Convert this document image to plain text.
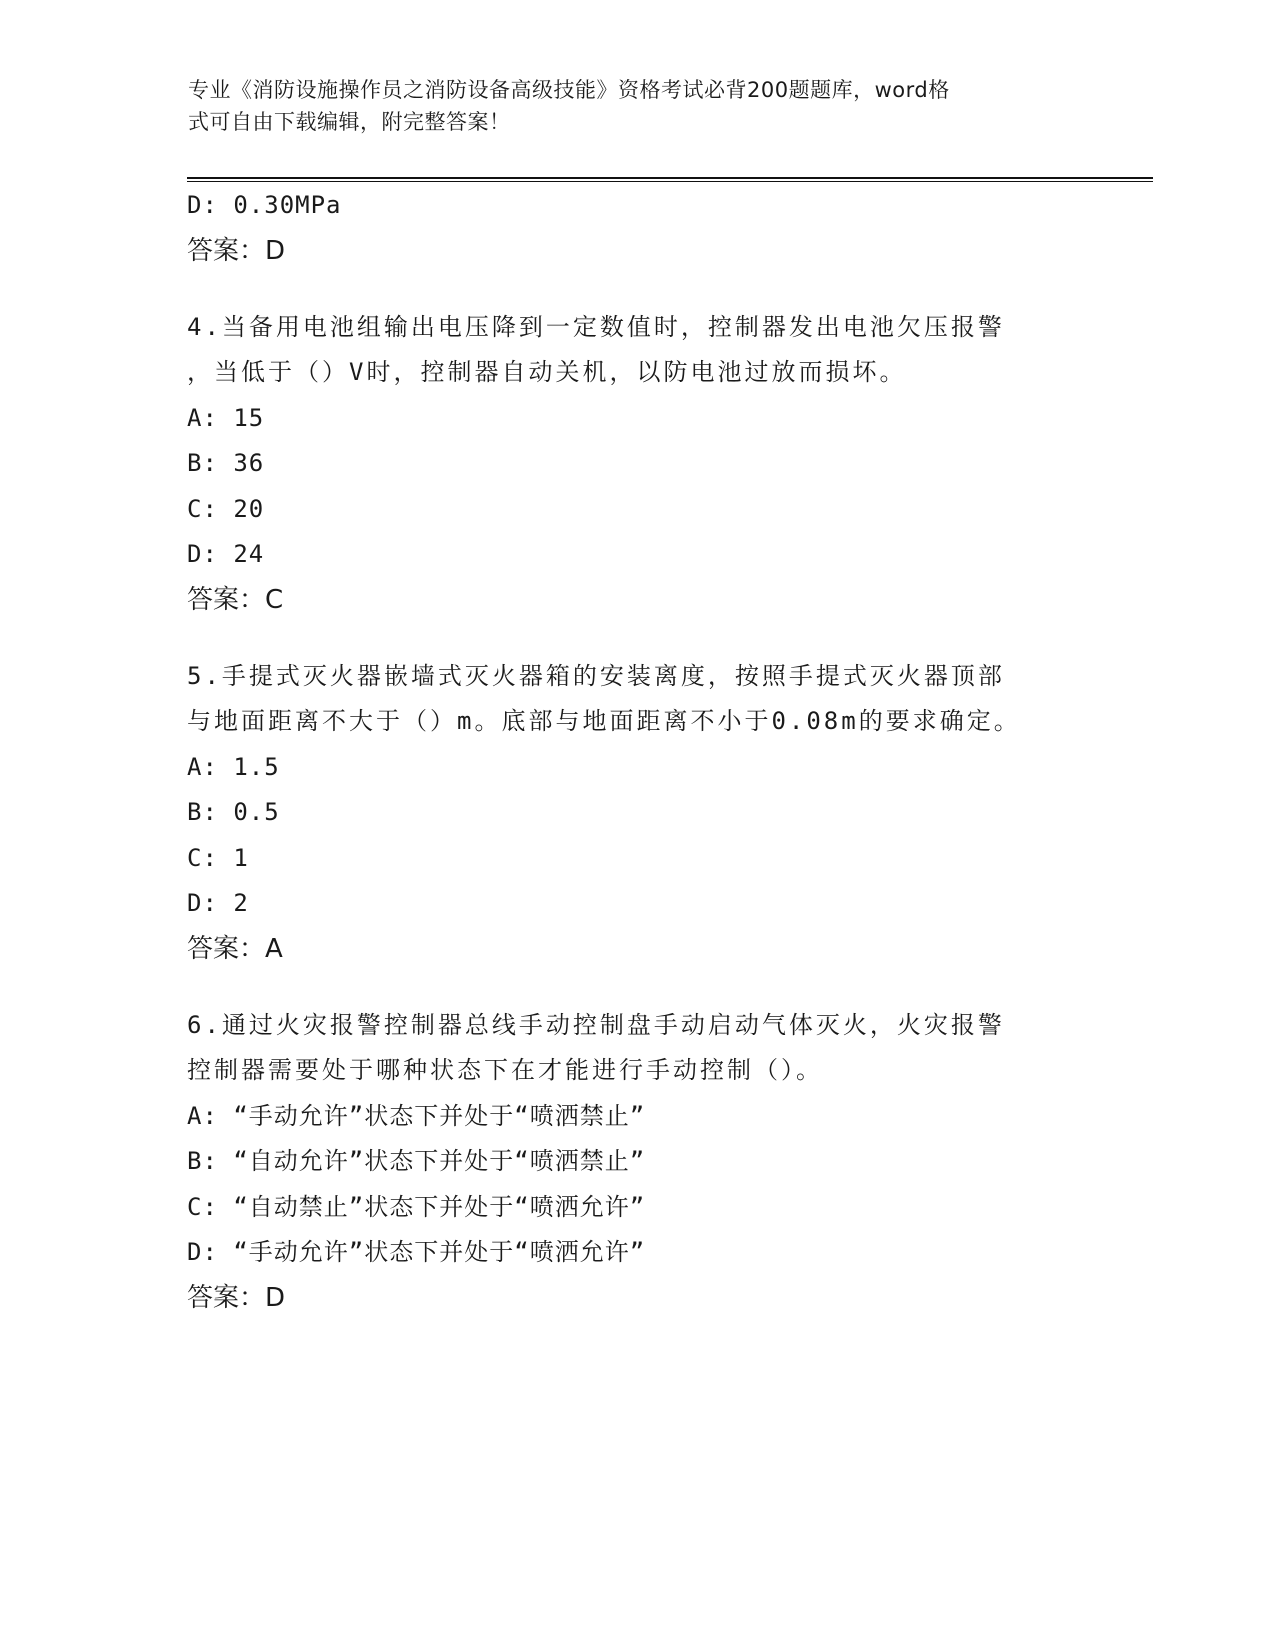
专业《消防设施操作员之消防设备高级技能》资格考试必背200题题库，word格
式可自由下载编辑，附完整答案！
D: 0.30MPa
答案：D
4.当备用电池组输出电压降到一定数值时，控制器发出电池欠压报警
，当低于（）V时，控制器自动关机，以防电池过放而损坏。
A: 15
B: 36
C: 20
D: 24
答案：C
5.手提式灭火器嵌墙式灭火器箱的安装离度，按照手提式灭火器顶部
与地面距离不大于（）m。底部与地面距离不小于0.08m的要求确定。
A: 1.5
B: 0.5
C: 1
D: 2
答案：A
6.通过火灾报警控制器总线手动控制盘手动启动气体灭火，火灾报警
控制器需要处于哪种状态下在才能进行手动控制（）。
A: “手动允许”状态下并处于“喷洒禁止”
B: “自动允许”状态下并处于“喷洒禁止”
C: “自动禁止”状态下并处于“喷洒允许”
D: “手动允许”状态下并处于“喷洒允许”
答案：D
